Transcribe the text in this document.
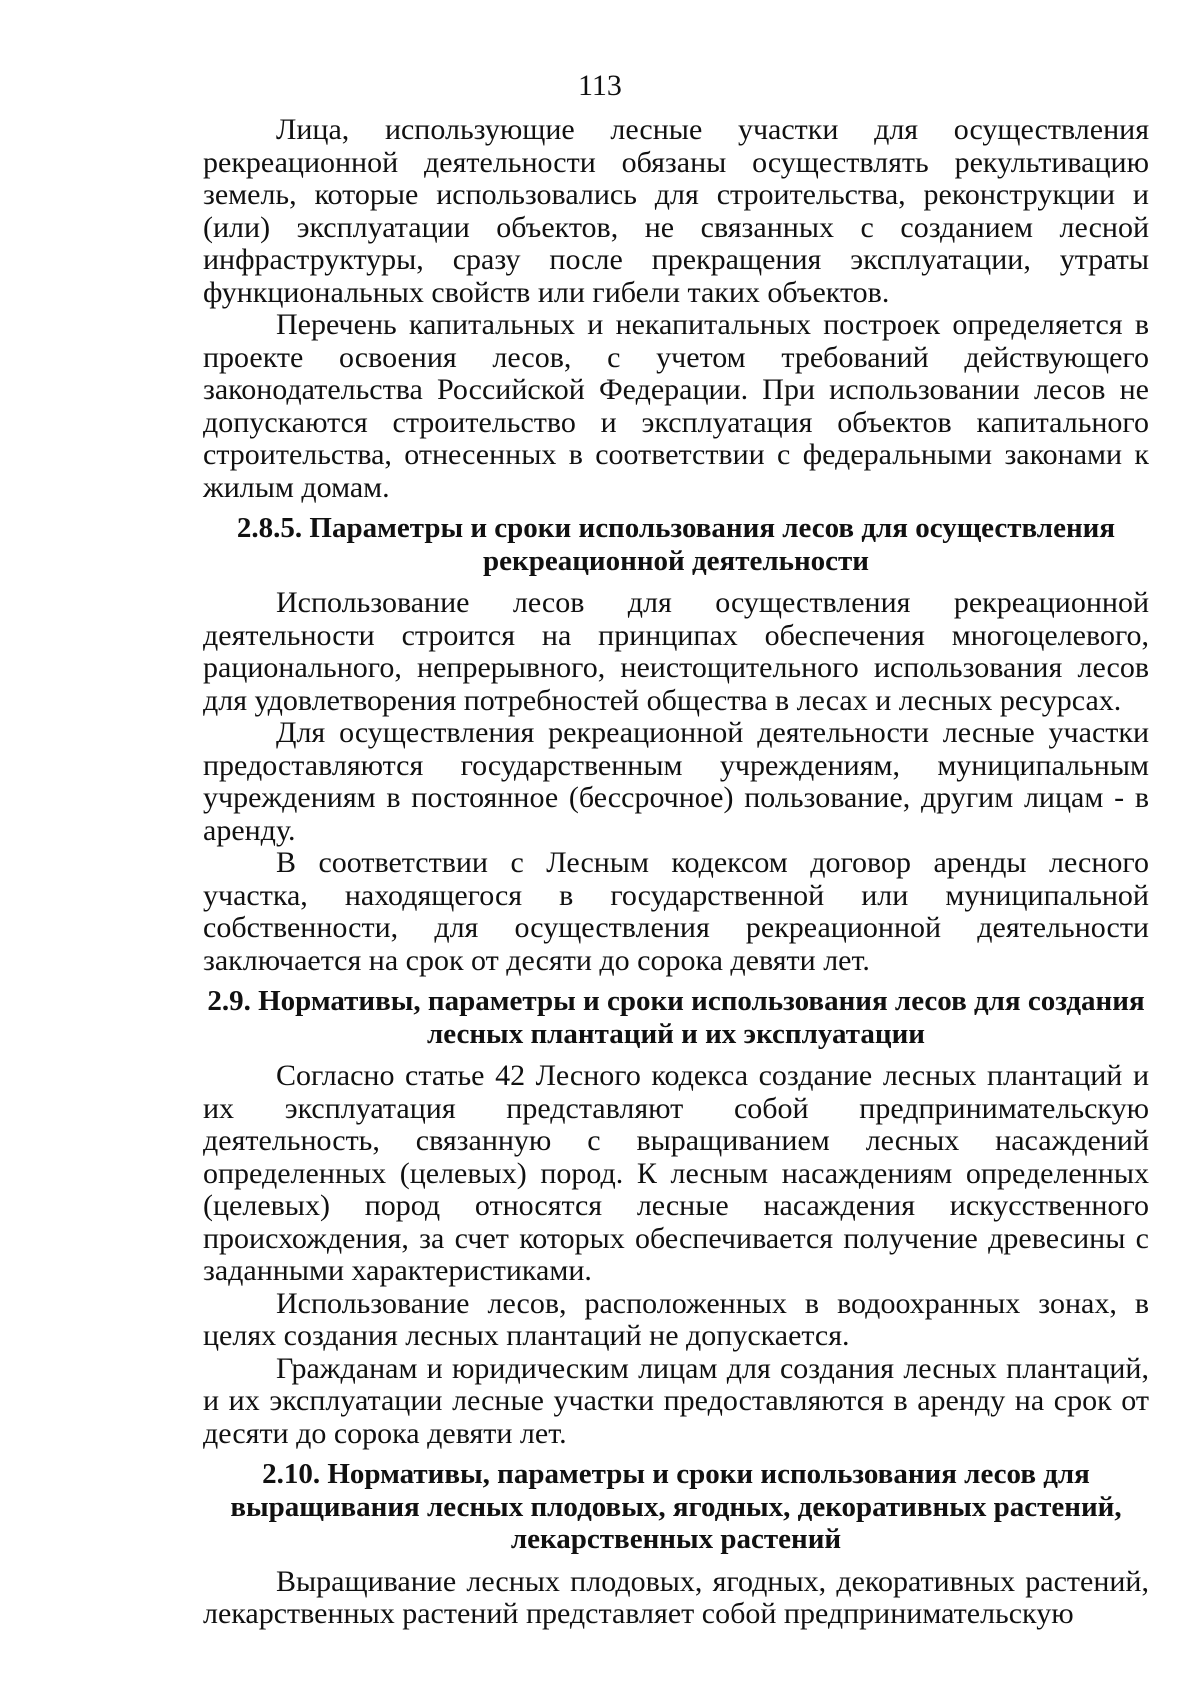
113

Лица, использующие лесные участки для осуществления рекреационной деятельности обязаны осуществлять рекультивацию земель, которые использовались для строительства, реконструкции и (или) эксплуатации объектов, не связанных с созданием лесной инфраструктуры, сразу после прекращения эксплуатации, утраты функциональных свойств или гибели таких объектов.

Перечень капитальных и некапитальных построек определяется в проекте освоения лесов, с учетом требований действующего законодательства Российской Федерации. При использовании лесов не допускаются строительство и эксплуатация объектов капитального строительства, отнесенных в соответствии с федеральными законами к жилым домам.

2.8.5. Параметры и сроки использования лесов для осуществления
рекреационной деятельности

Использование лесов для осуществления рекреационной деятельности строится на принципах обеспечения многоцелевого, рационального, непрерывного, неистощительного использования лесов для удовлетворения потребностей общества в лесах и лесных ресурсах.

Для осуществления рекреационной деятельности лесные участки предоставляются государственным учреждениям, муниципальным учреждениям в постоянное (бессрочное) пользование, другим лицам - в аренду.

В соответствии с Лесным кодексом договор аренды лесного участка, находящегося в государственной или муниципальной собственности, для осуществления рекреационной деятельности заключается на срок от десяти до сорока девяти лет.

2.9. Нормативы, параметры и сроки использования лесов для создания
лесных плантаций и их эксплуатации

Согласно статье 42 Лесного кодекса создание лесных плантаций и их эксплуатация представляют собой предпринимательскую деятельность, связанную с выращиванием лесных насаждений определенных (целевых) пород. К лесным насаждениям определенных (целевых) пород относятся лесные насаждения искусственного происхождения, за счет которых обеспечивается получение древесины с заданными характеристиками.

Использование лесов, расположенных в водоохранных зонах, в целях создания лесных плантаций не допускается.

Гражданам и юридическим лицам для создания лесных плантаций, и их эксплуатации лесные участки предоставляются в аренду на срок от десяти до сорока девяти лет.

2.10. Нормативы, параметры и сроки использования лесов для
выращивания лесных плодовых, ягодных, декоративных растений,
лекарственных растений

Выращивание лесных плодовых, ягодных, декоративных растений, лекарственных растений представляет собой предпринимательскую
